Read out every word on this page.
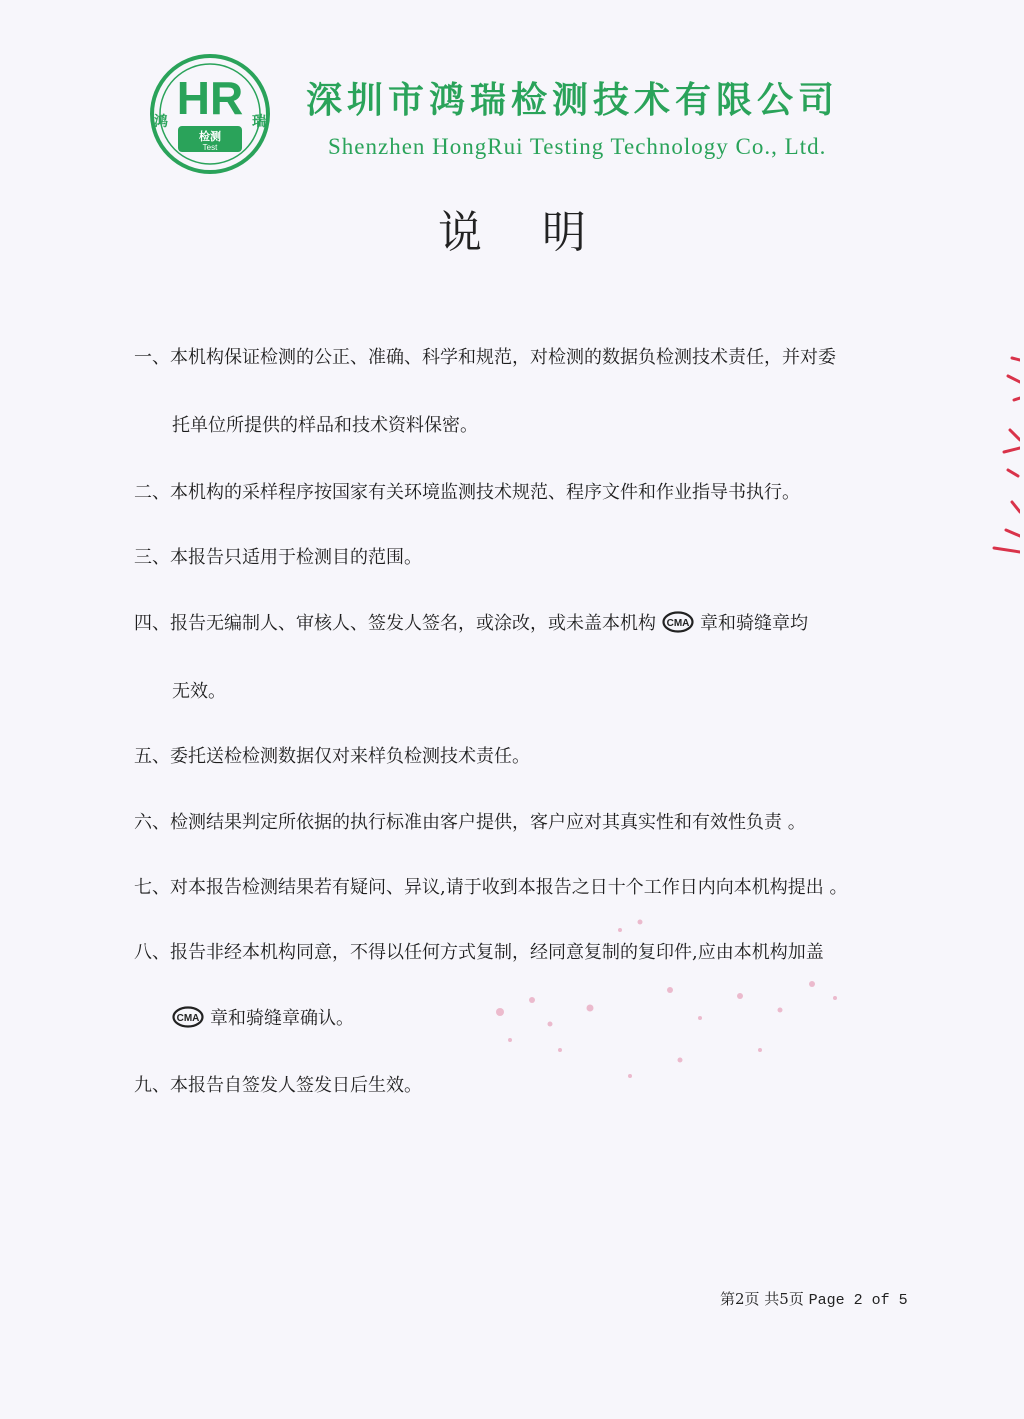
HR
检测
Test
鸿	瑞
深圳市鸿瑞检测技术有限公司
Shenzhen HongRui Testing Technology Co., Ltd.
说明
一、本机构保证检测的公正、准确、科学和规范，对检测的数据负检测技术责任，并对委
托单位所提供的样品和技术资料保密。
二、本机构的采样程序按国家有关环境监测技术规范、程序文件和作业指导书执行。
三、本报告只适用于检测目的范围。
四、报告无编制人、审核人、签发人签名，或涂改，或未盖本机构 CMA 章和骑缝章均
无效。
五、委托送检检测数据仅对来样负检测技术责任。
六、检测结果判定所依据的执行标准由客户提供，客户应对其真实性和有效性负责 。
七、对本报告检测结果若有疑问、异议,请于收到本报告之日十个工作日内向本机构提出 。
八、报告非经本机构同意，不得以任何方式复制，经同意复制的复印件,应由本机构加盖
CMA 章和骑缝章确认。
九、本报告自签发人签发日后生效。
第2页 共5页 Page 2 of 5
